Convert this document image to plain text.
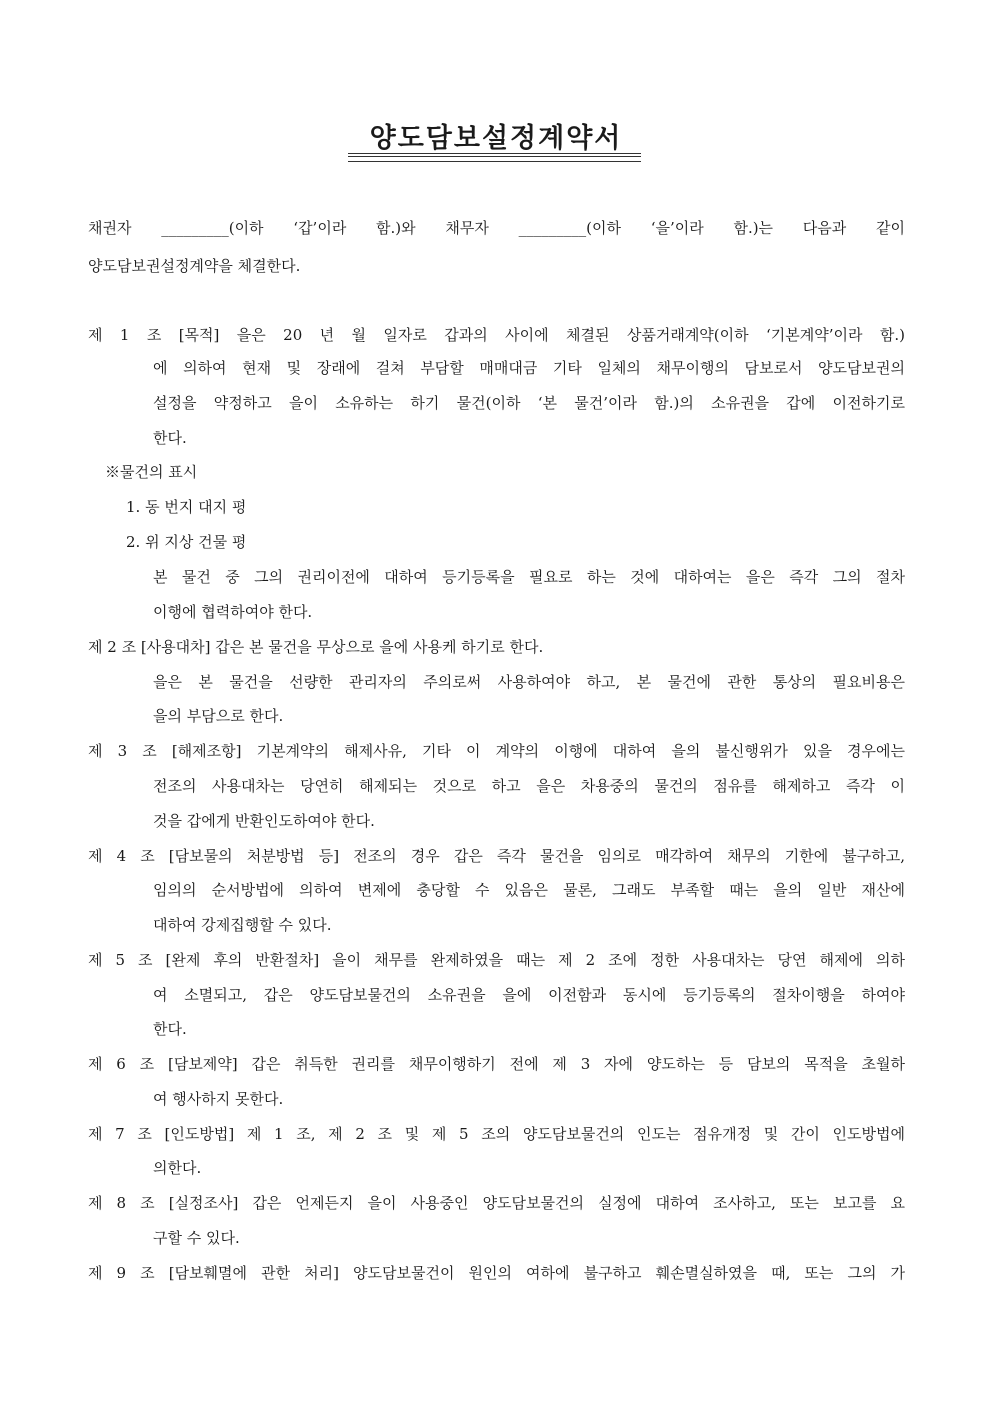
양도담보설정계약서
채권자 _________(이하 ‘갑’이라 함.)와 채무자 _________(이하 ‘을’이라 함.)는 다음과 같이
양도담보권설정계약을 체결한다.
제 1 조 [목적] 을은 20 년 월 일자로 갑과의 사이에 체결된 상품거래계약(이하 ‘기본계약’이라 함.)
에 의하여 현재 및 장래에 걸쳐 부담할 매매대금 기타 일체의 채무이행의 담보로서 양도담보권의
설정을 약정하고 을이 소유하는 하기 물건(이하 ‘본 물건’이라 함.)의 소유권을 갑에 이전하기로
한다.
※물건의 표시
1. 동 번지 대지 평
2. 위 지상 건물 평
본 물건 중 그의 권리이전에 대하여 등기등록을 필요로 하는 것에 대하여는 을은 즉각 그의 절차
이행에 협력하여야 한다.
제 2 조 [사용대차] 갑은 본 물건을 무상으로 을에 사용케 하기로 한다.
을은 본 물건을 선량한 관리자의 주의로써 사용하여야 하고, 본 물건에 관한 통상의 필요비용은
을의 부담으로 한다.
제 3 조 [해제조항] 기본계약의 해제사유, 기타 이 계약의 이행에 대하여 을의 불신행위가 있을 경우에는
전조의 사용대차는 당연히 해제되는 것으로 하고 을은 차용중의 물건의 점유를 해제하고 즉각 이
것을 갑에게 반환인도하여야 한다.
제 4 조 [담보물의 처분방법 등] 전조의 경우 갑은 즉각 물건을 임의로 매각하여 채무의 기한에 불구하고,
임의의 순서방법에 의하여 변제에 충당할 수 있음은 물론, 그래도 부족할 때는 을의 일반 재산에
대하여 강제집행할 수 있다.
제 5 조 [완제 후의 반환절차] 을이 채무를 완제하였을 때는 제 2 조에 정한 사용대차는 당연 해제에 의하
여 소멸되고, 갑은 양도담보물건의 소유권을 을에 이전함과 동시에 등기등록의 절차이행을 하여야
한다.
제 6 조 [담보제약] 갑은 취득한 권리를 채무이행하기 전에 제 3 자에 양도하는 등 담보의 목적을 초월하
여 행사하지 못한다.
제 7 조 [인도방법] 제 1 조, 제 2 조 및 제 5 조의 양도담보물건의 인도는 점유개정 및 간이 인도방법에
의한다.
제 8 조 [실정조사] 갑은 언제든지 을이 사용중인 양도담보물건의 실정에 대하여 조사하고, 또는 보고를 요
구할 수 있다.
제 9 조 [담보훼멸에 관한 처리] 양도담보물건이 원인의 여하에 불구하고 훼손멸실하였을 때, 또는 그의 가
